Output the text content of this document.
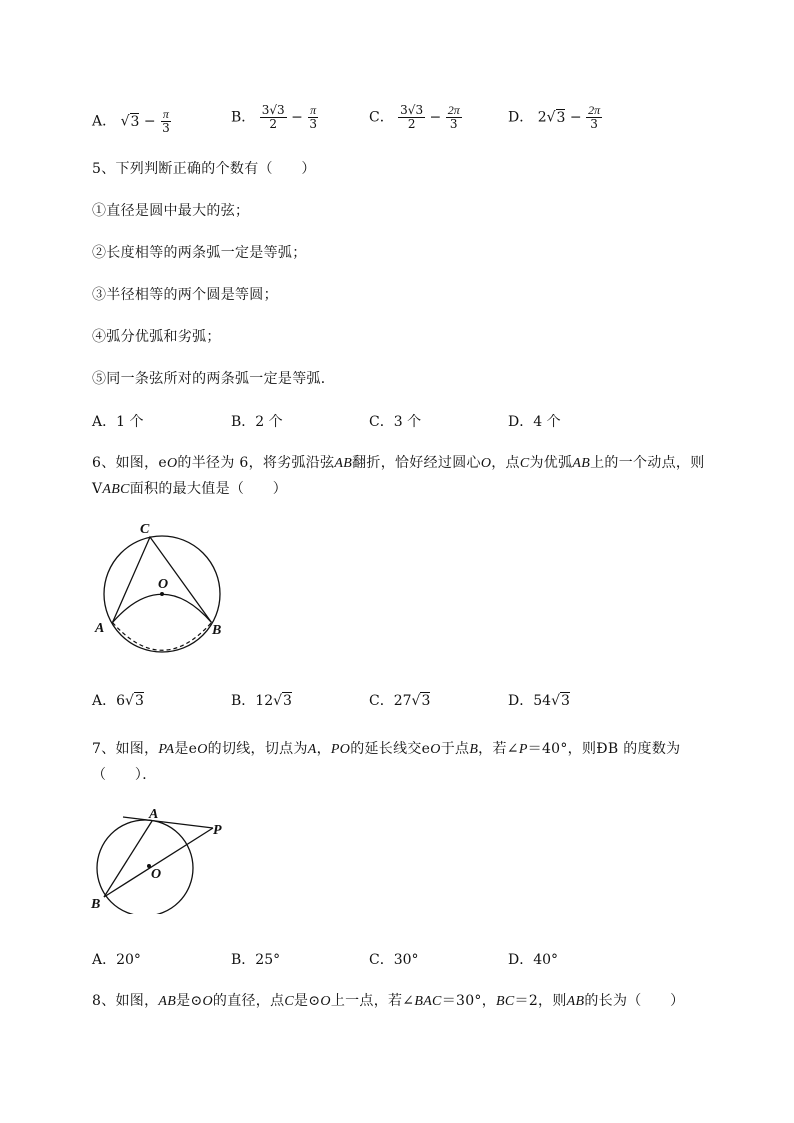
A． $√3 - \frac{\pi}{3}$	B． $\frac{3√3}{2} - \frac{\pi}{3}$	C． $\frac{3√3}{2} - \frac{2\pi}{3}$	D． $2√3 - \frac{2\pi}{3}$
5、下列判断正确的个数有（　　）
①直径是圆中最大的弦；
②长度相等的两条弧一定是等弧；
③半径相等的两个圆是等圆；
④弧分优弧和劣弧；
⑤同一条弦所对的两条弧一定是等弧．
A．1 个	B．2 个	C．3 个	D．4 个
6、如图，eO的半径为 6，将劣弧沿弦AB翻折，恰好经过圆心O，点C为优弧AB上的一个动点，则
VABC面积的最大值是（　　）
C
O
A	B
A．6√3	B．12√3	C．27√3	D．54√3
7、如图，PA是eO的切线，切点为A，PO的延长线交eO于点B，若∠P＝40°，则ÐB 的度数为
（　　）．
A
P
O
B
A．20°	B．25°	C．30°	D．40°
8、如图，AB是⊙O的直径，点C是⊙O上一点，若∠BAC＝30°，BC＝2，则AB的长为（　　）
